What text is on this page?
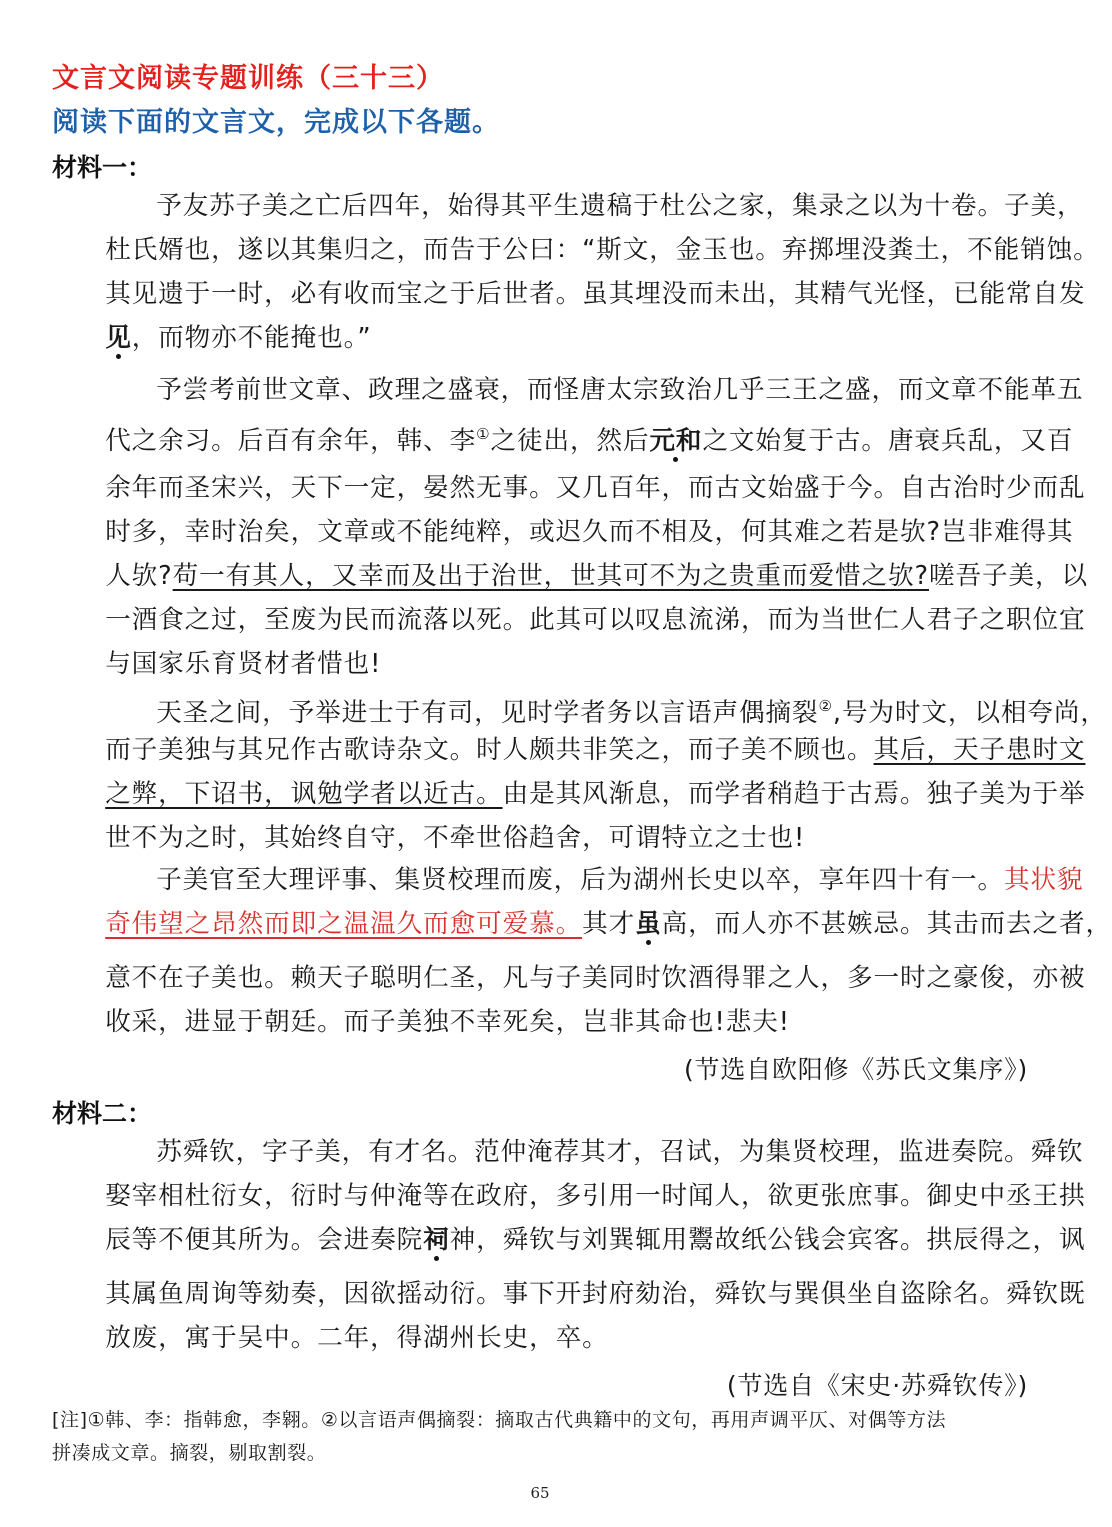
文言文阅读专题训练（三十三）
阅读下面的文言文，完成以下各题。
材料一：
予友苏子美之亡后四年，始得其平生遗稿于杜公之家，集录之以为十卷。子美，
杜氏婿也，遂以其集归之，而告于公曰：“斯文，金玉也。弃掷埋没粪土，不能销蚀。
其见遗于一时，必有收而宝之于后世者。虽其埋没而未出，其精气光怪，已能常自发
见，而物亦不能掩也。”
予尝考前世文章、政理之盛衰，而怪唐太宗致治几乎三王之盛，而文章不能革五
代之余习。后百有余年，韩、李①之徒出，然后元和之文始复于古。唐衰兵乱，又百
余年而圣宋兴，天下一定，晏然无事。又几百年，而古文始盛于今。自古治时少而乱
时多，幸时治矣，文章或不能纯粹，或迟久而不相及，何其难之若是欤?岂非难得其
人欤?苟一有其人，又幸而及出于治世，世其可不为之贵重而爱惜之欤?嗟吾子美，以
一酒食之过，至废为民而流落以死。此其可以叹息流涕，而为当世仁人君子之职位宜
与国家乐育贤材者惜也!
天圣之间，予举进士于有司，见时学者务以言语声偶摘裂②,号为时文，以相夸尚，
而子美独与其兄作古歌诗杂文。时人颇共非笑之，而子美不顾也。其后，天子患时文
之弊，下诏书，讽勉学者以近古。由是其风渐息，而学者稍趋于古焉。独子美为于举
世不为之时，其始终自守，不牵世俗趋舍，可谓特立之士也!
子美官至大理评事、集贤校理而废，后为湖州长史以卒，享年四十有一。其状貌
奇伟望之昂然而即之温温久而愈可爱慕。其才虽高，而人亦不甚嫉忌。其击而去之者，
意不在子美也。赖天子聪明仁圣，凡与子美同时饮酒得罪之人，多一时之豪俊，亦被
收采，进显于朝廷。而子美独不幸死矣，岂非其命也!悲夫!
(节选自欧阳修《苏氏文集序》)
材料二：
苏舜钦，字子美，有才名。范仲淹荐其才，召试，为集贤校理，监进奏院。舜钦
娶宰相杜衍女，衍时与仲淹等在政府，多引用一时闻人，欲更张庶事。御史中丞王拱
辰等不便其所为。会进奏院祠神，舜钦与刘巽辄用鬻故纸公钱会宾客。拱辰得之，讽
其属鱼周询等劾奏，因欲摇动衍。事下开封府劾治，舜钦与巽俱坐自盗除名。舜钦既
放废，寓于吴中。二年，得湖州长史，卒。
(节选自《宋史·苏舜钦传》)
[注]①韩、李：指韩愈，李翱。②以言语声偶摘裂：摘取古代典籍中的文句，再用声调平仄、对偶等方法
拼凑成文章。摘裂，剔取割裂。
65
